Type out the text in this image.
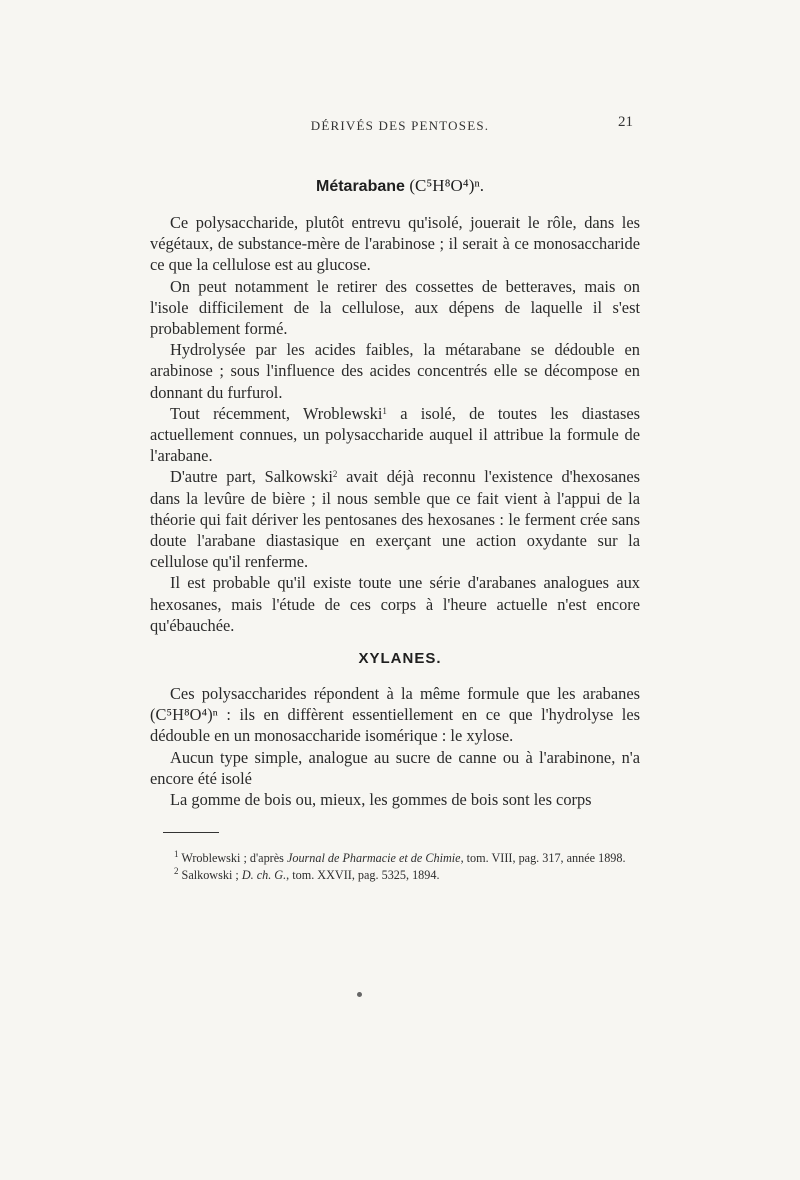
DÉRIVÉS DES PENTOSES.	21
Métarabane (C⁵H⁸O⁴)ⁿ.

Ce polysaccharide, plutôt entrevu qu'isolé, jouerait le rôle, dans les végétaux, de substance-mère de l'arabinose ; il serait à ce monosaccharide ce que la cellulose est au glucose.

On peut notamment le retirer des cossettes de betteraves, mais on l'isole difficilement de la cellulose, aux dépens de laquelle il s'est probablement formé.

Hydrolysée par les acides faibles, la métarabane se dédouble en arabinose ; sous l'influence des acides concentrés elle se décompose en donnant du furfurol.

Tout récemment, Wroblewski$^1$ a isolé, de toutes les diastases actuellement connues, un polysaccharide auquel il attribue la formule de l'arabane.

D'autre part, Salkowski$^2$ avait déjà reconnu l'existence d'hexosanes dans la levûre de bière ; il nous semble que ce fait vient à l'appui de la théorie qui fait dériver les pentosanes des hexosanes : le ferment crée sans doute l'arabane diastasique en exerçant une action oxydante sur la cellulose qu'il renferme.

Il est probable qu'il existe toute une série d'arabanes analogues aux hexosanes, mais l'étude de ces corps à l'heure actuelle n'est encore qu'ébauchée.

XYLANES.

Ces polysaccharides répondent à la même formule que les arabanes (C⁵H⁸O⁴)ⁿ : ils en diffèrent essentiellement en ce que l'hydrolyse les dédouble en un monosaccharide isomérique : le xylose.

Aucun type simple, analogue au sucre de canne ou à l'arabinone, n'a encore été isolé

La gomme de bois ou, mieux, les gommes de bois sont les corps

$^1$ Wroblewski ; d'après Journal de Pharmacie et de Chimie, tom. VIII, pag. 317, année 1898.

$^2$ Salkowski ; D. ch. G., tom. XXVII, pag. 5325, 1894.
